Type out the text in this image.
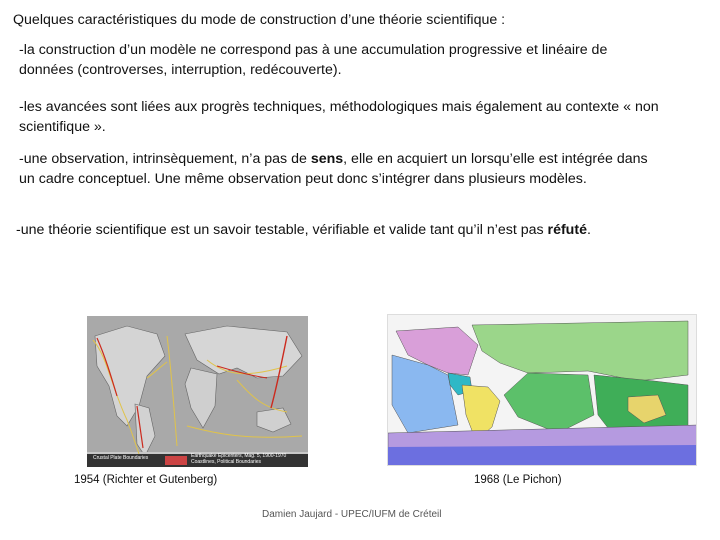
Quelques caractéristiques du mode de construction d’une théorie scientifique :
-la construction d’un modèle ne correspond pas à une accumulation progressive et linéaire de données (controverses, interruption, redécouverte).
-les avancées sont liées aux progrès techniques, méthodologiques mais également au contexte « non scientifique ».
-une observation, intrinsèquement, n’a pas de sens, elle en acquiert un lorsqu’elle est intégrée dans un cadre conceptuel. Une même observation peut donc s’intégrer dans plusieurs modèles.
-une théorie scientifique est un savoir testable, vérifiable et valide tant qu’il n’est pas réfuté.
Crustal Plate Boundaries	Earthquake Epicenters, Mag. 5, 1900-1970
Coastlines, Political Boundaries
1954 (Richter et Gutenberg)	1968 (Le Pichon)
Damien Jaujard - UPEC/IUFM de Créteil
